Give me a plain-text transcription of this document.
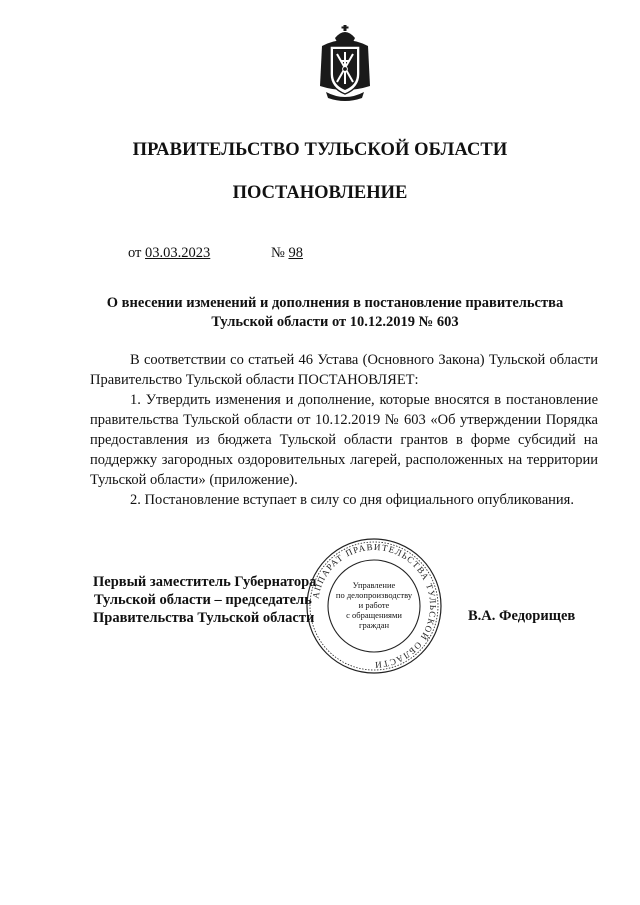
ПРАВИТЕЛЬСТВО ТУЛЬСКОЙ ОБЛАСТИ
ПОСТАНОВЛЕНИЕ
от 03.03.2023	№ 98
О внесении изменений и дополнения в постановление правительства
Тульской области от 10.12.2019 № 603

В соответствии со статьей 46 Устава (Основного Закона) Тульской области Правительство Тульской области ПОСТАНОВЛЯЕТ:

1. Утвердить изменения и дополнение, которые вносятся в постановление правительства Тульской области от 10.12.2019 № 603 «Об утверждении Порядка предоставления из бюджета Тульской области грантов в форме субсидий на поддержку загородных оздоровительных лагерей, расположенных на территории Тульской области» (приложение).

2. Постановление вступает в силу со дня официального опубликования.

АППАРАТ ПРАВИТЕЛЬСТВА ТУЛЬСКОЙ ОБЛАСТИ
Управление
по делопроизводству
и работе
с обращениями
граждан
Первый заместитель Губернатора
Тульской области – председатель
Правительства Тульской области	В.А. Федорищев
